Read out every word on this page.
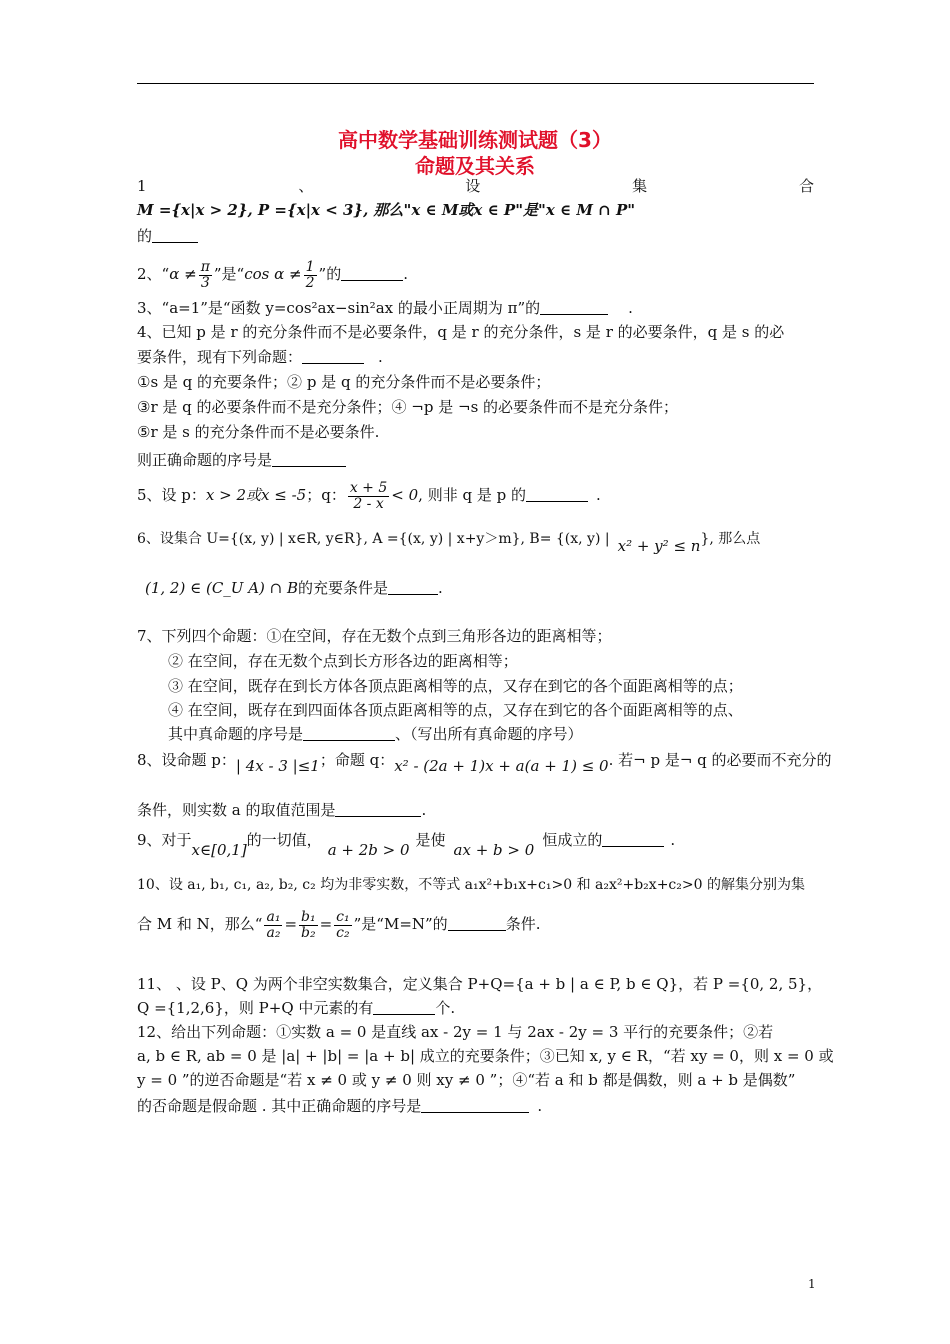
高中数学基础训练测试题（3）
命题及其关系
1	、	设	集	合
M ={x|x > 2}, P ={x|x < 3}, 那么"x ∈ M或x ∈ P"是"x ∈ M ∩ P"
的
2、“$\alpha \ne \frac{\pi}{3}$ ”是“cos $\alpha \ne \frac{1}{2}$ ”的	.
3、“a=1”是“函数 y=cos²ax−sin²ax 的最小正周期为 π”的	.
4、已知 p 是 r 的充分条件而不是必要条件，q 是 r 的充分条件，s 是 r 的必要条件，q 是 s 的必
要条件，现有下列命题：	.
①s 是 q 的充要条件；② p 是 q 的充分条件而不是必要条件；
③r 是 q 的必要条件而不是充分条件；④ ¬p 是 ¬s 的必要条件而不是充分条件；
⑤r 是 s 的充分条件而不是必要条件.
则正确命题的序号是
5、设 p：x > 2或x ≤ -5；q： $\frac{x + 5}{2 - x} < 0$, 则非 q 是 p 的	.
6、设集合 U={(x, y) | x∈R, y∈R}, A ={(x, y) | x+y＞m}, B= {(x, y) | x² + y² ≤ n}, 那么点
(1, 2) ∈ (C_U A) ∩ B的充要条件是	.
7、下列四个命题：①在空间，存在无数个点到三角形各边的距离相等；
② 在空间，存在无数个点到长方形各边的距离相等；
③ 在空间，既存在到长方体各顶点距离相等的点，又存在到它的各个面距离相等的点；
④ 在空间，既存在到四面体各顶点距离相等的点，又存在到它的各个面距离相等的点、
其中真命题的序号是	、（写出所有真命题的序号）
8、设命题 p：| 4x - 3 |≤1；命题 q：x² - (2a + 1)x + a(a + 1) ≤ 0. 若¬ p 是¬ q 的必要而不充分的
条件，则实数 a 的取值范围是	.
9、对于x∈[0,1]的一切值，a + 2b > 0是使ax + b > 0恒成立的	.
10、设 a₁, b₁, c₁, a₂, b₂, c₂ 均为非零实数，不等式 a₁x²+b₁x+c₁>0 和 a₂x²+b₂x+c₂>0 的解集分别为集
合 M 和 N，那么“ $\frac{\text{a₁}}{\text{a₂}} = \frac{\text{b₁}}{\text{b₂}} = \frac{\text{c₁}}{\text{c₂}}$ ”是“M=N”的	条件.
11、 、设 P、Q 为两个非空实数集合，定义集合 P+Q={a + b | a ∈ P, b ∈ Q}，若 P ={0, 2, 5}，
Q ={1,2,6}，则 P+Q 中元素的有	个.
12、给出下列命题：①实数 a = 0 是直线 ax - 2y = 1 与 2ax - 2y = 3 平行的充要条件；②若
a, b ∈ R, ab = 0 是 |a| + |b| = |a + b| 成立的充要条件；③已知 x, y ∈ R，“若 xy = 0，则 x = 0 或
y = 0 ”的逆否命题是“若 x ≠ 0 或 y ≠ 0 则 xy ≠ 0 ”；④“若 a 和 b 都是偶数，则 a + b 是偶数”
的否命题是假命题 . 其中正确命题的序号是	.
1
